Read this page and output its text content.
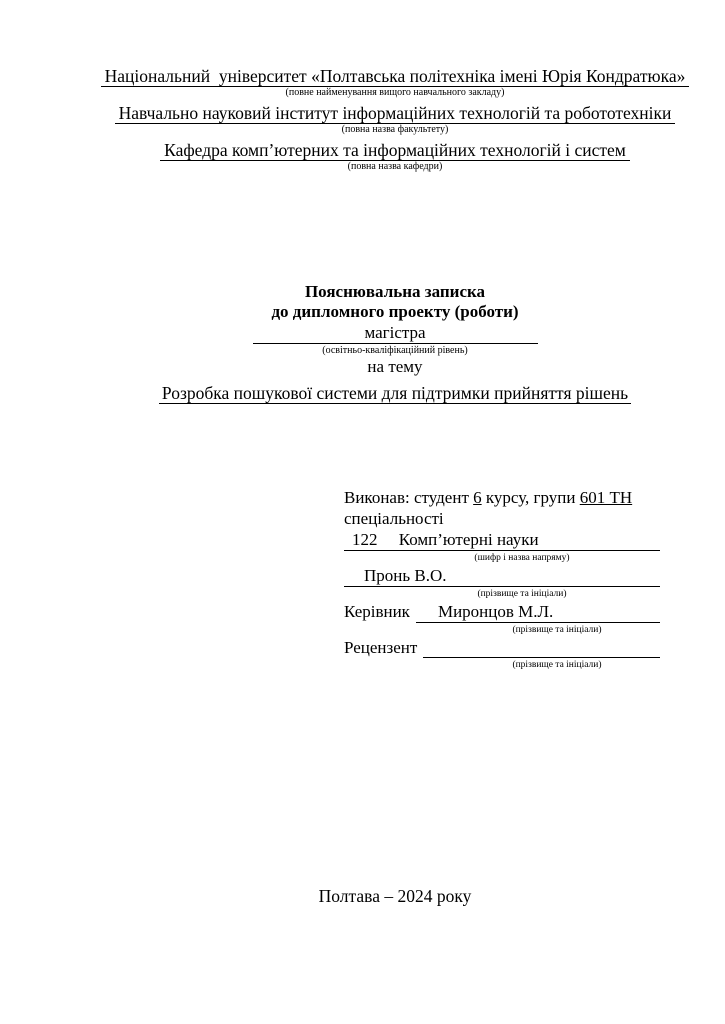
Національний  університет «Полтавська політехніка імені Юрія Кондратюка»
(повне найменування вищого навчального закладу)
Навчально науковий інститут інформаційних технологій та робототехніки
(повна назва факультету)
Кафедра комп’ютерних та інформаційних технологій і систем
(повна назва кафедри)
Пояснювальна записка
до дипломного проекту (роботи)
магістра
(освітньо-кваліфікаційний рівень)
на тему
Розробка пошукової системи для підтримки прийняття рішень
Виконав: студент 6 курсу, групи 601 ТН
спеціальності
122     Комп’ютерні науки
(шифр і назва напряму)
Пронь В.О.
(прізвище та ініціали)
Керівник	Миронцов М.Л.
(прізвище та ініціали)
Рецензент
(прізвище та ініціали)
Полтава – 2024 року
